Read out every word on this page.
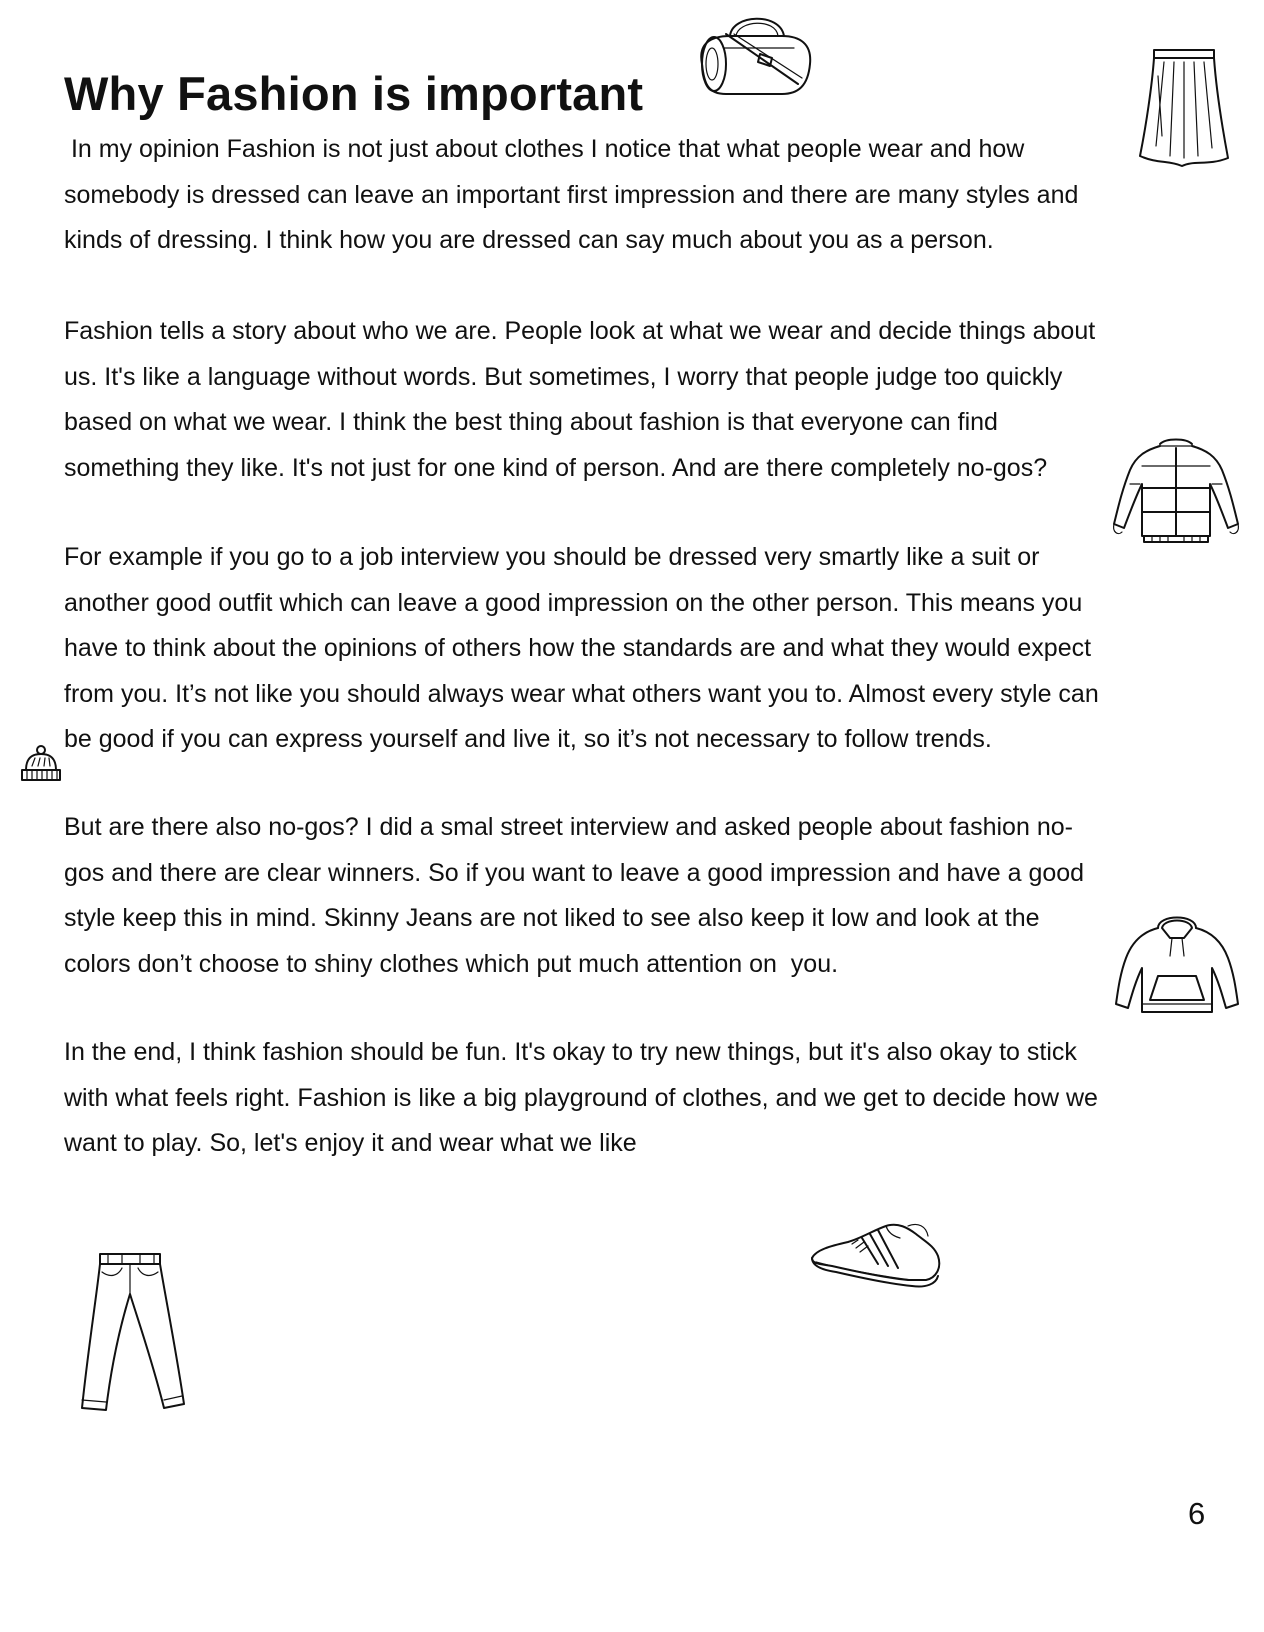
Why Fashion is important
In my opinion Fashion is not just about clothes I notice that what people wear and how
somebody is dressed can leave an important first impression and there are many styles and
kinds of dressing. I think how you are dressed can say much about you as a person.
Fashion tells a story about who we are. People look at what we wear and decide things about
us. It's like a language without words. But sometimes, I worry that people judge too quickly
based on what we wear. I think the best thing about fashion is that everyone can find
something they like. It's not just for one kind of person. And are there completely no-gos?
For example if you go to a job interview you should be dressed very smartly like a suit or
another good outfit which can leave a good impression on the other person. This means you
have to think about the opinions of others how the standards are and what they would expect
from you. It’s not like you should always wear what others want you to. Almost every style can
be good if you can express yourself and live it, so it’s not necessary to follow trends.
But are there also no-gos? I did a smal street interview and asked people about fashion no-
gos and there are clear winners. So if you want to leave a good impression and have a good
style keep this in mind. Skinny Jeans are not liked to see also keep it low and look at the
colors don’t choose to shiny clothes which put much attention on  you.
In the end, I think fashion should be fun. It's okay to try new things, but it's also okay to stick
with what feels right. Fashion is like a big playground of clothes, and we get to decide how we
want to play. So, let's enjoy it and wear what we like
6
